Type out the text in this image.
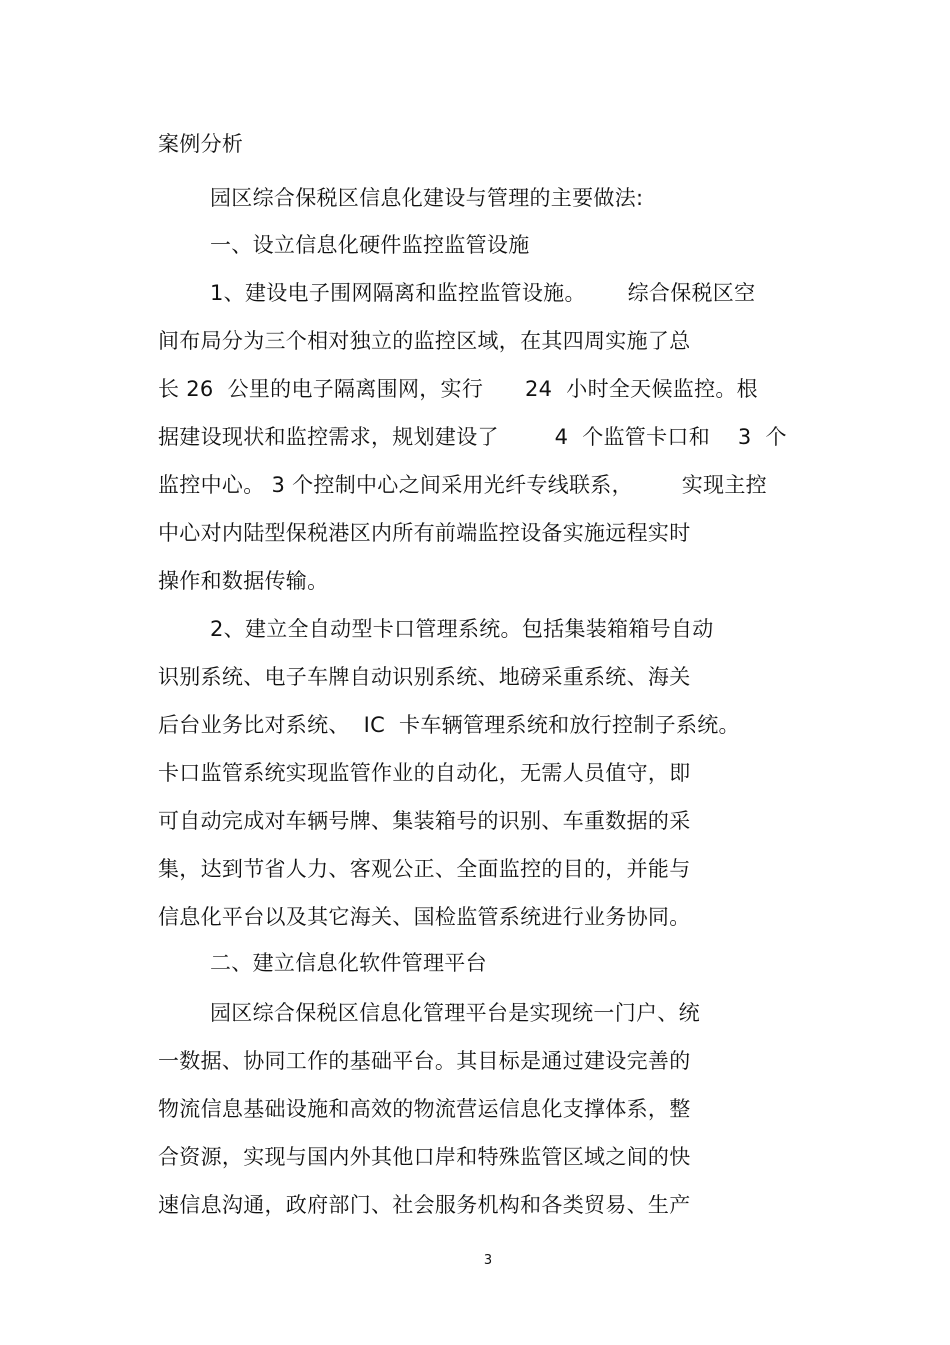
案例分析
园区综合保税区信息化建设与管理的主要做法:
一、设立信息化硬件监控监管设施
1、建设电子围网隔离和监控监管设施。      综合保税区空
间布局分为三个相对独立的监控区域，在其四周实施了总
长 26  公里的电子隔离围网，实行      24  小时全天候监控。根
据建设现状和监控需求，规划建设了        4  个监管卡口和    3  个
监控中心。 3 个控制中心之间采用光纤专线联系，       实现主控
中心对内陆型保税港区内所有前端监控设备实施远程实时
操作和数据传输。
2、建立全自动型卡口管理系统。包括集装箱箱号自动
识别系统、电子车牌自动识别系统、地磅采重系统、海关
后台业务比对系统、  IC  卡车辆管理系统和放行控制子系统。
卡口监管系统实现监管作业的自动化，无需人员值守，即
可自动完成对车辆号牌、集装箱号的识别、车重数据的采
集，达到节省人力、客观公正、全面监控的目的，并能与
信息化平台以及其它海关、国检监管系统进行业务协同。
二、建立信息化软件管理平台
园区综合保税区信息化管理平台是实现统一门户、统
一数据、协同工作的基础平台。其目标是通过建设完善的
物流信息基础设施和高效的物流营运信息化支撑体系，整
合资源，实现与国内外其他口岸和特殊监管区域之间的快
速信息沟通，政府部门、社会服务机构和各类贸易、生产
3
